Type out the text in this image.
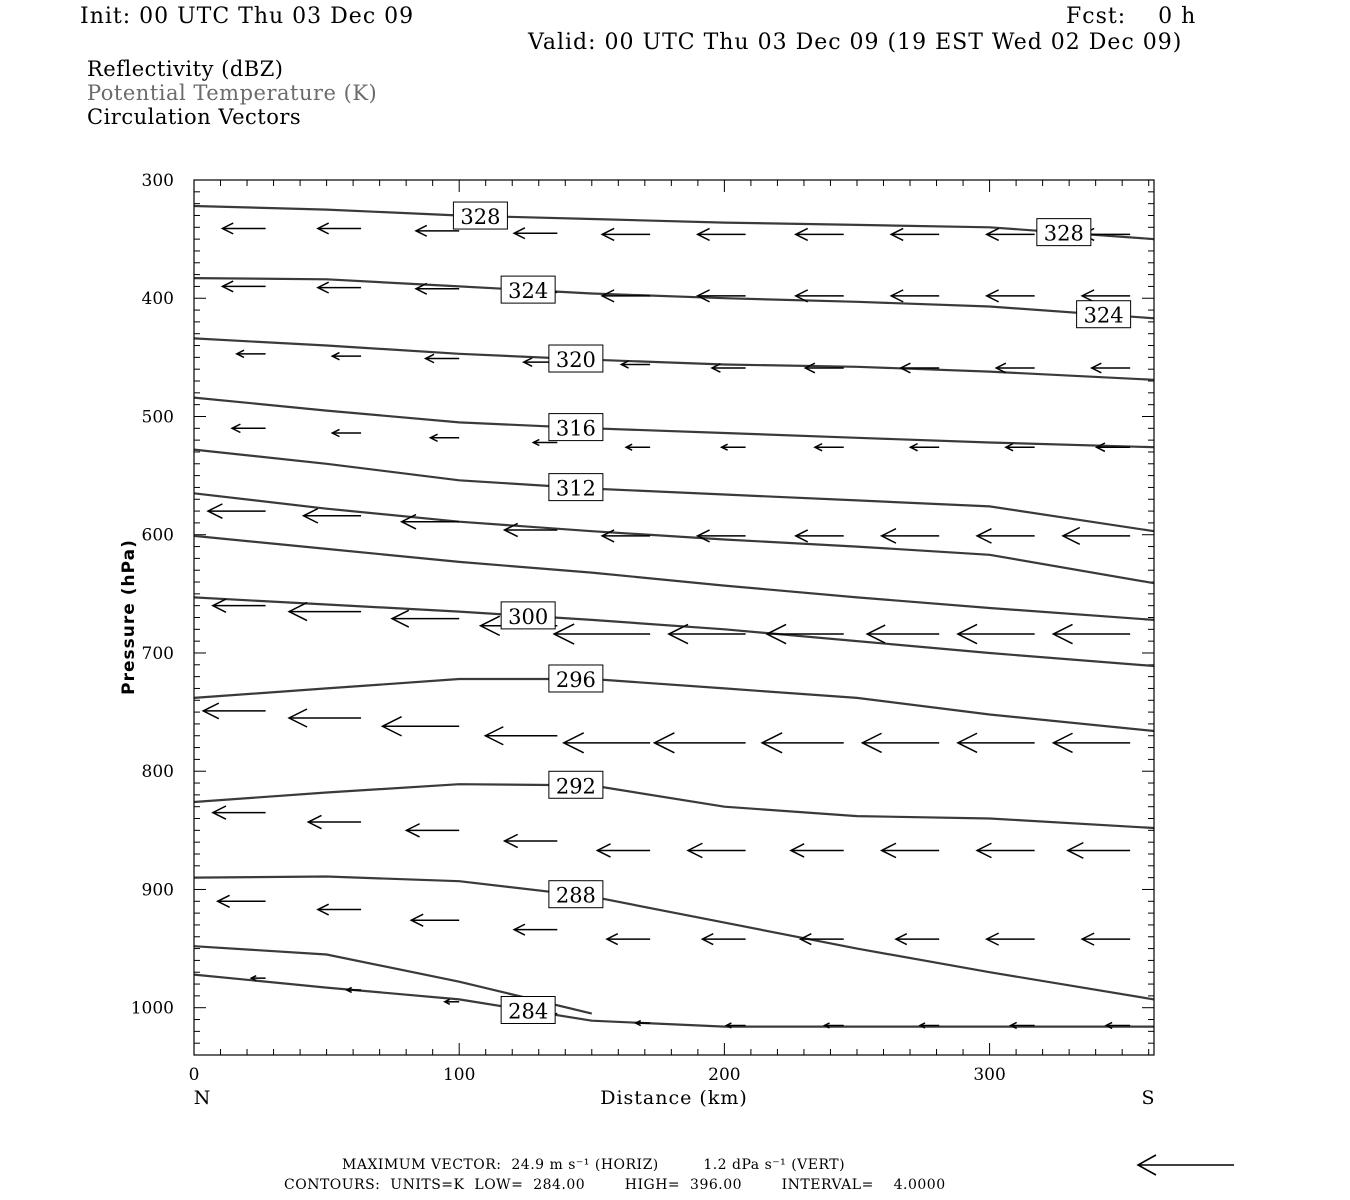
Init: 00 UTC Thu 03 Dec 09	Fcst:    0 h
Valid: 00 UTC Thu 03 Dec 09 (19 EST Wed 02 Dec 09)
Reflectivity (dBZ)
Potential Temperature (K)
Circulation Vectors
328
328
324
324
320
316
312
300
296
292
288
284
0	100	200	300
300
400
500
600
700
800
900
1000
Distance (km)
Pressure (hPa)
N	S
MAXIMUM VECTOR:  24.9 m s⁻¹ (HORIZ)         1.2 dPa s⁻¹ (VERT)
CONTOURS:  UNITS=K  LOW=  284.00        HIGH=  396.00        INTERVAL=    4.0000
